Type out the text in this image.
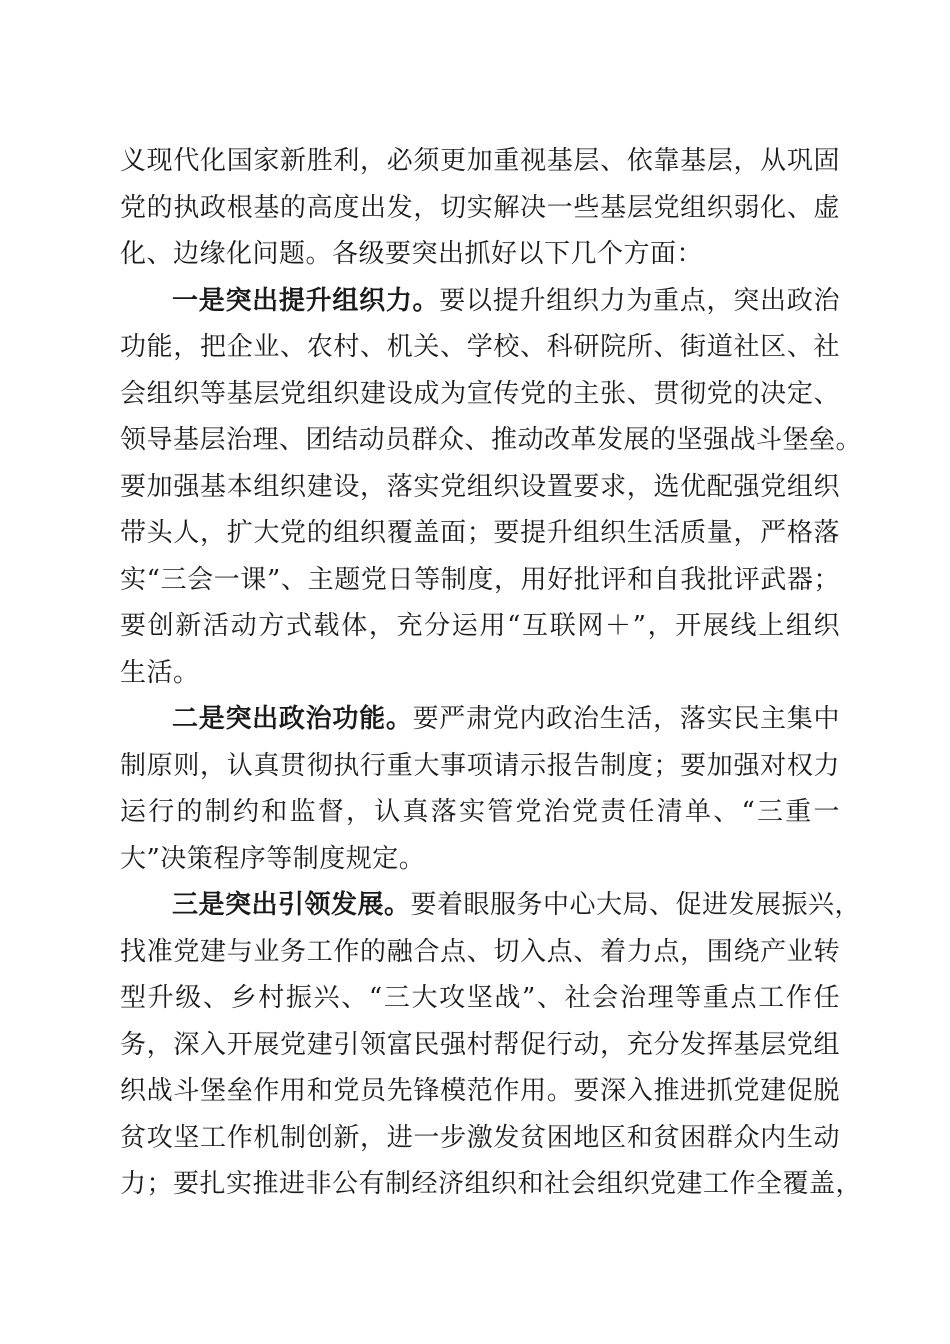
义现代化国家新胜利，必须更加重视基层、依靠基层，从巩固
党的执政根基的高度出发，切实解决一些基层党组织弱化、虚
化、边缘化问题。各级要突出抓好以下几个方面：
一是突出提升组织力。要以提升组织力为重点，突出政治
功能，把企业、农村、机关、学校、科研院所、街道社区、社
会组织等基层党组织建设成为宣传党的主张、贯彻党的决定、
领导基层治理、团结动员群众、推动改革发展的坚强战斗堡垒。
要加强基本组织建设，落实党组织设置要求，选优配强党组织
带头人，扩大党的组织覆盖面；要提升组织生活质量，严格落
实“三会一课”、主题党日等制度，用好批评和自我批评武器；
要创新活动方式载体，充分运用“互联网＋”，开展线上组织
生活。
二是突出政治功能。要严肃党内政治生活，落实民主集中
制原则，认真贯彻执行重大事项请示报告制度；要加强对权力
运行的制约和监督，认真落实管党治党责任清单、“三重一
大”决策程序等制度规定。
三是突出引领发展。要着眼服务中心大局、促进发展振兴，
找准党建与业务工作的融合点、切入点、着力点，围绕产业转
型升级、乡村振兴、“三大攻坚战”、社会治理等重点工作任
务，深入开展党建引领富民强村帮促行动，充分发挥基层党组
织战斗堡垒作用和党员先锋模范作用。要深入推进抓党建促脱
贫攻坚工作机制创新，进一步激发贫困地区和贫困群众内生动
力；要扎实推进非公有制经济组织和社会组织党建工作全覆盖，
